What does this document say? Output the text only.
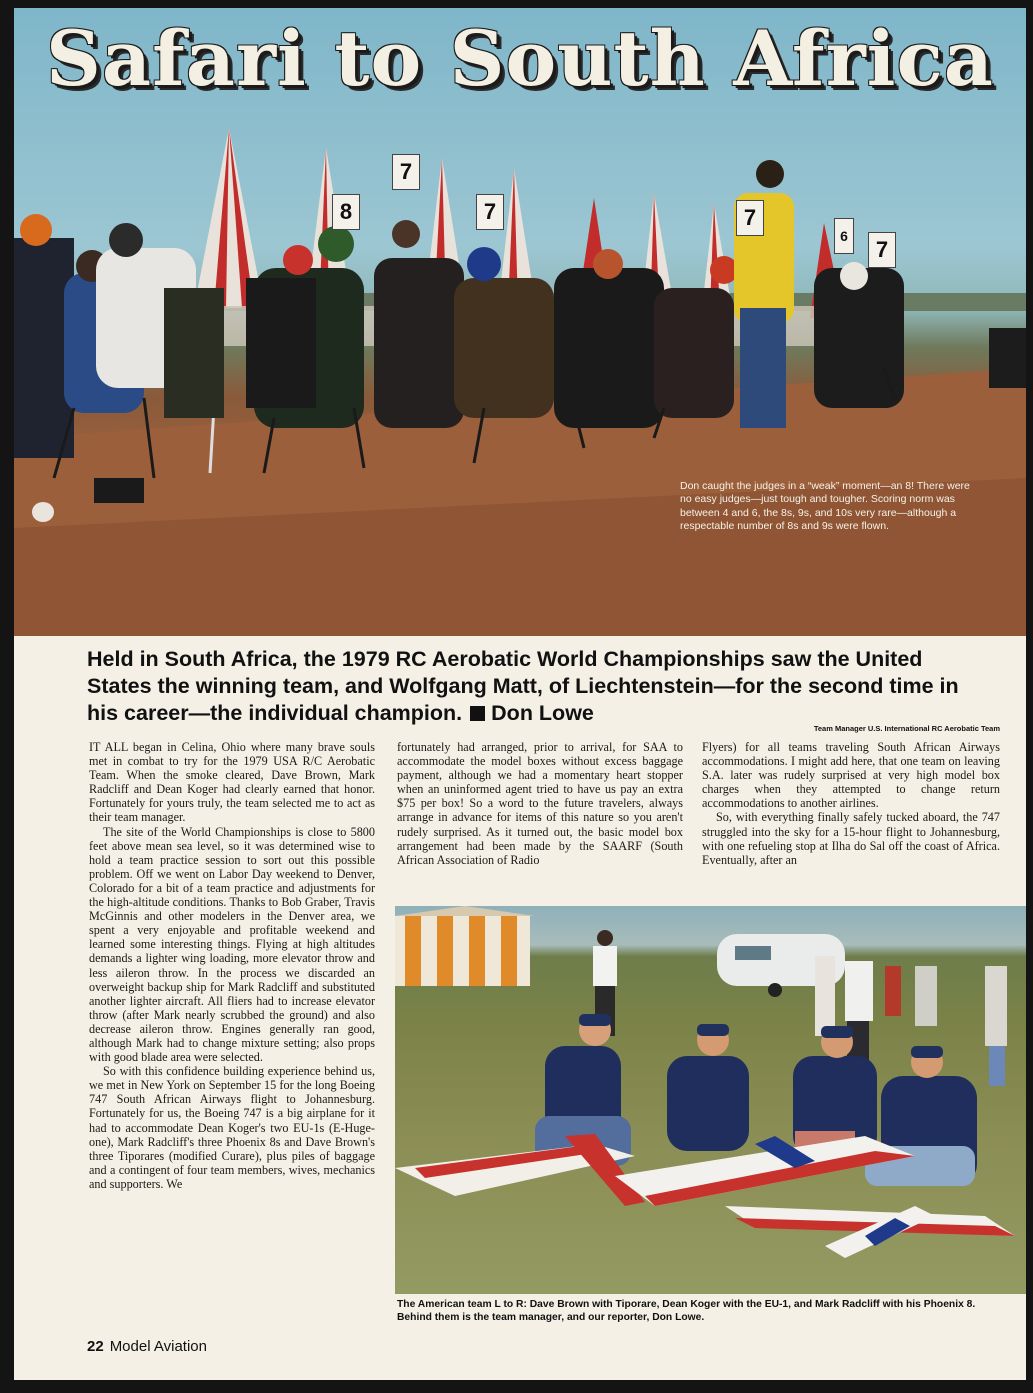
Safari to South Africa
7
8	7	7
6
7

Don caught the judges in a “weak” moment—an 8! There were no easy judges—just tough and tougher. Scoring norm was between 4 and 6, the 8s, 9s, and 10s very rare—although a respectable number of 8s and 9s were flown.

Held in South Africa, the 1979 RC Aerobatic World Championships saw the United States the winning team, and Wolfgang Matt, of Liechtenstein—for the second time in his career—the individual champion. Don Lowe

Team Manager U.S. International RC Aerobatic Team

IT ALL began in Celina, Ohio where many brave souls met in combat to try for the 1979 USA R/C Aerobatic Team. When the smoke cleared, Dave Brown, Mark Radcliff and Dean Koger had clearly earned that honor. Fortunately for yours truly, the team selected me to act as their team manager.

The site of the World Championships is close to 5800 feet above mean sea level, so it was determined wise to hold a team practice session to sort out this possible problem. Off we went on Labor Day weekend to Denver, Colorado for a bit of a team practice and adjustments for the high-altitude conditions. Thanks to Bob Graber, Travis McGinnis and other modelers in the Denver area, we spent a very enjoyable and profitable weekend and learned some interesting things. Flying at high altitudes demands a lighter wing loading, more elevator throw and less aileron throw. In the process we discarded an overweight backup ship for Mark Radcliff and substituted another lighter aircraft. All fliers had to increase elevator throw (after Mark nearly scrubbed the ground) and also decrease aileron throw. Engines generally ran good, although Mark had to change mixture setting; also props with good blade area were selected.

So with this confidence building experience behind us, we met in New York on September 15 for the long Boeing 747 South African Airways flight to Johannesburg. Fortunately for us, the Boeing 747 is a big airplane for it had to accommodate Dean Koger's two EU-1s (E-Huge-one), Mark Radcliff's three Phoenix 8s and Dave Brown's three Tiporares (modified Curare), plus piles of baggage and a contingent of four team members, wives, mechanics and supporters. We

fortunately had arranged, prior to arrival, for SAA to accommodate the model boxes without excess baggage payment, although we had a momentary heart stopper when an uninformed agent tried to have us pay an extra $75 per box! So a word to the future travelers, always arrange in advance for items of this nature so you aren't rudely surprised. As it turned out, the basic model box arrangement had been made by the SAARF (South African Association of Radio

Flyers) for all teams traveling South African Airways accommodations. I might add here, that one team on leaving S.A. later was rudely surprised at very high model box charges when they attempted to change return accommodations to another airlines.

So, with everything finally safely tucked aboard, the 747 struggled into the sky for a 15-hour flight to Johannesburg, with one refueling stop at Ilha do Sal off the coast of Africa. Eventually, after an

The American team L to R: Dave Brown with Tiporare, Dean Koger with the EU-1, and Mark Radcliff with his Phoenix 8. Behind them is the team manager, and our reporter, Don Lowe.

22 Model Aviation
